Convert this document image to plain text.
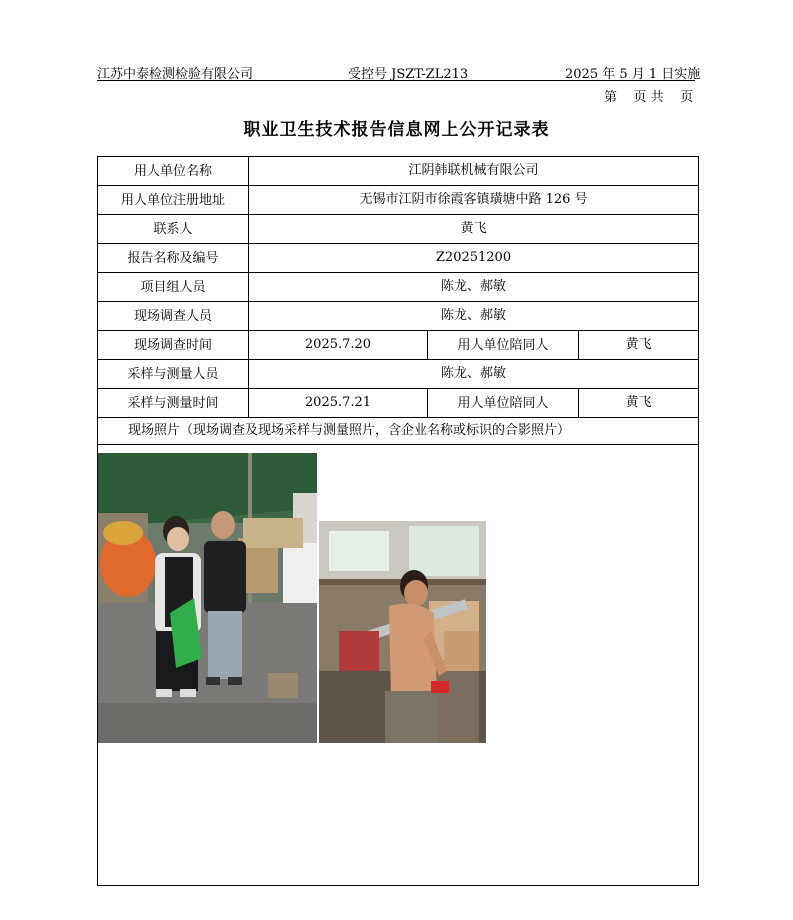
江苏中泰检测检验有限公司	受控号 JSZT-ZL213	2025 年 5 月 1 日实施
第    页 共    页
职业卫生技术报告信息网上公开记录表
用人单位名称	江阴韩联机械有限公司		
用人单位注册地址	无锡市江阴市徐霞客镇璜塘中路 126 号		
联系人	黄飞		
报告名称及编号	Z20251200		
项目组人员	陈龙、郝敏		
现场调查人员	陈龙、郝敏		
现场调查时间	2025.7.20	用人单位陪同人	黄飞
采样与测量人员	陈龙、郝敏		
采样与测量时间	2025.7.21	用人单位陪同人	黄飞
现场照片（现场调查及现场采样与测量照片，含企业名称或标识的合影照片）			
